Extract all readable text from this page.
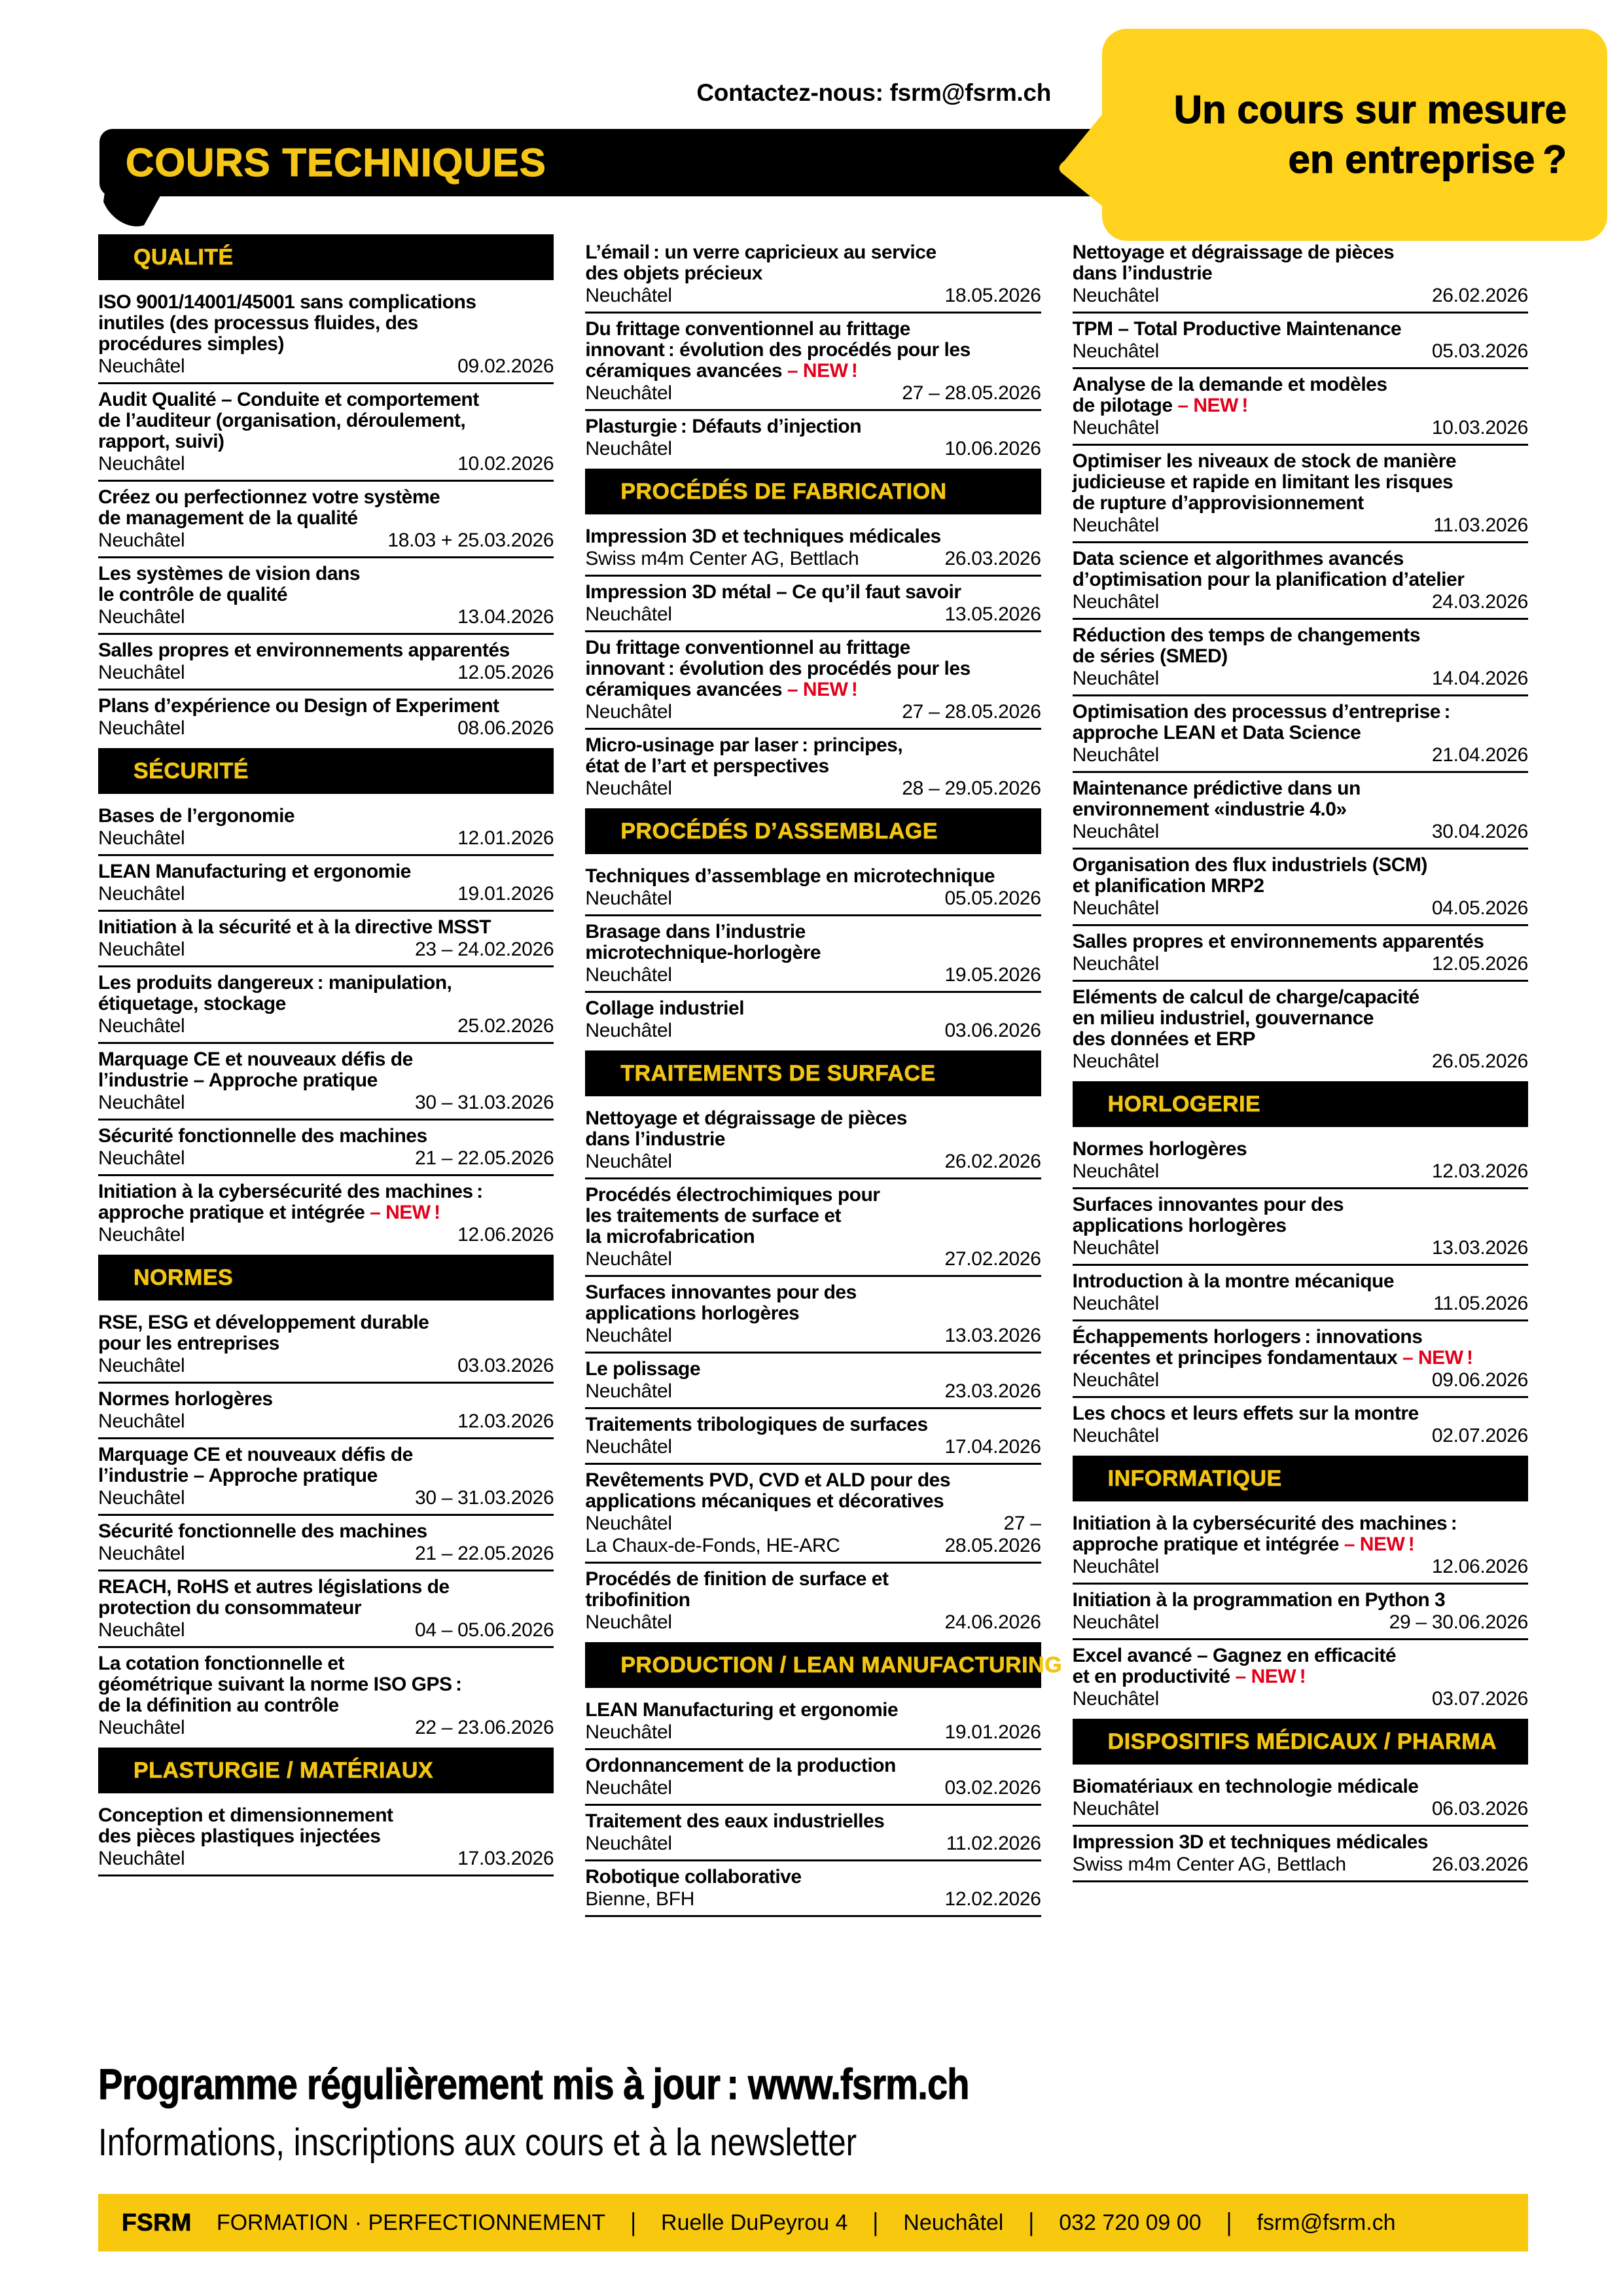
Contactez-nous: fsrm@fsrm.ch
COURS TECHNIQUES
Un cours sur mesure
en entreprise ?
QUALITÉ
ISO 9001/14001/45001 sans complications
inutiles (des processus fluides, des
procédures simples)
Neuchâtel	09.02.2026
Audit Qualité – Conduite et comportement
de l’auditeur (organisation, déroulement,
rapport, suivi)
Neuchâtel	10.02.2026
Créez ou perfectionnez votre système
de management de la qualité
Neuchâtel	18.03 + 25.03.2026
Les systèmes de vision dans
le contrôle de qualité
Neuchâtel	13.04.2026
Salles propres et environnements apparentés
Neuchâtel	12.05.2026
Plans d’expérience ou Design of Experiment
Neuchâtel	08.06.2026
SÉCURITÉ
Bases de l’ergonomie
Neuchâtel	12.01.2026
LEAN Manufacturing et ergonomie
Neuchâtel	19.01.2026
Initiation à la sécurité et à la directive MSST
Neuchâtel	23 – 24.02.2026
Les produits dangereux : manipulation,
étiquetage, stockage
Neuchâtel	25.02.2026
Marquage CE et nouveaux défis de
l’industrie – Approche pratique
Neuchâtel	30 – 31.03.2026
Sécurité fonctionnelle des machines
Neuchâtel	21 – 22.05.2026
Initiation à la cybersécurité des machines :
approche pratique et intégrée – NEW !
Neuchâtel	12.06.2026
NORMES
RSE, ESG et développement durable
pour les entreprises
Neuchâtel	03.03.2026
Normes horlogères
Neuchâtel	12.03.2026
Marquage CE et nouveaux défis de
l’industrie – Approche pratique
Neuchâtel	30 – 31.03.2026
Sécurité fonctionnelle des machines
Neuchâtel	21 – 22.05.2026
REACH, RoHS et autres législations de
protection du consommateur
Neuchâtel	04 – 05.06.2026
La cotation fonctionnelle et
géométrique suivant la norme ISO GPS :
de la définition au contrôle
Neuchâtel	22 – 23.06.2026
PLASTURGIE / MATÉRIAUX
Conception et dimensionnement
des pièces plastiques injectées
Neuchâtel	17.03.2026
L’émail : un verre capricieux au service
des objets précieux
Neuchâtel	18.05.2026
Du frittage conventionnel au frittage
innovant : évolution des procédés pour les
céramiques avancées – NEW !
Neuchâtel	27 – 28.05.2026
Plasturgie : Défauts d’injection
Neuchâtel	10.06.2026
PROCÉDÉS DE FABRICATION
Impression 3D et techniques médicales
Swiss m4m Center AG, Bettlach	26.03.2026
Impression 3D métal – Ce qu’il faut savoir
Neuchâtel	13.05.2026
Du frittage conventionnel au frittage
innovant : évolution des procédés pour les
céramiques avancées – NEW !
Neuchâtel	27 – 28.05.2026
Micro-usinage par laser : principes,
état de l’art et perspectives
Neuchâtel	28 – 29.05.2026
PROCÉDÉS D’ASSEMBLAGE
Techniques d’assemblage en microtechnique
Neuchâtel	05.05.2026
Brasage dans l’industrie
microtechnique-horlogère
Neuchâtel	19.05.2026
Collage industriel
Neuchâtel	03.06.2026
TRAITEMENTS DE SURFACE
Nettoyage et dégraissage de pièces
dans l’industrie
Neuchâtel	26.02.2026
Procédés électrochimiques pour
les traitements de surface et
la microfabrication
Neuchâtel	27.02.2026
Surfaces innovantes pour des
applications horlogères
Neuchâtel	13.03.2026
Le polissage
Neuchâtel	23.03.2026
Traitements tribologiques de surfaces
Neuchâtel	17.04.2026
Revêtements PVD, CVD et ALD pour des
applications mécaniques et décoratives
Neuchâtel	27 –
La Chaux-de-Fonds, HE-ARC	28.05.2026
Procédés de finition de surface et
tribofinition
Neuchâtel	24.06.2026
PRODUCTION / LEAN MANUFACTURING
LEAN Manufacturing et ergonomie
Neuchâtel	19.01.2026
Ordonnancement de la production
Neuchâtel	03.02.2026
Traitement des eaux industrielles
Neuchâtel	11.02.2026
Robotique collaborative
Bienne, BFH	12.02.2026
Nettoyage et dégraissage de pièces
dans l’industrie
Neuchâtel	26.02.2026
TPM – Total Productive Maintenance
Neuchâtel	05.03.2026
Analyse de la demande et modèles
de pilotage – NEW !
Neuchâtel	10.03.2026
Optimiser les niveaux de stock de manière
judicieuse et rapide en limitant les risques
de rupture d’approvisionnement
Neuchâtel	11.03.2026
Data science et algorithmes avancés
d’optimisation pour la planification d’atelier
Neuchâtel	24.03.2026
Réduction des temps de changements
de séries (SMED)
Neuchâtel	14.04.2026
Optimisation des processus d’entreprise :
approche LEAN et Data Science
Neuchâtel	21.04.2026
Maintenance prédictive dans un
environnement «industrie 4.0»
Neuchâtel	30.04.2026
Organisation des flux industriels (SCM)
et planification MRP2
Neuchâtel	04.05.2026
Salles propres et environnements apparentés
Neuchâtel	12.05.2026
Eléments de calcul de charge/capacité
en milieu industriel, gouvernance
des données et ERP
Neuchâtel	26.05.2026
HORLOGERIE
Normes horlogères
Neuchâtel	12.03.2026
Surfaces innovantes pour des
applications horlogères
Neuchâtel	13.03.2026
Introduction à la montre mécanique
Neuchâtel	11.05.2026
Échappements horlogers : innovations
récentes et principes fondamentaux – NEW !
Neuchâtel	09.06.2026
Les chocs et leurs effets sur la montre
Neuchâtel	02.07.2026
INFORMATIQUE
Initiation à la cybersécurité des machines :
approche pratique et intégrée – NEW !
Neuchâtel	12.06.2026
Initiation à la programmation en Python 3
Neuchâtel	29 – 30.06.2026
Excel avancé – Gagnez en efficacité
et en productivité – NEW !
Neuchâtel	03.07.2026
DISPOSITIFS MÉDICAUX / PHARMA
Biomatériaux en technologie médicale
Neuchâtel	06.03.2026
Impression 3D et techniques médicales
Swiss m4m Center AG, Bettlach	26.03.2026
Programme régulièrement mis à jour : www.fsrm.ch
Informations, inscriptions aux cours et à la newsletter
FSRM FORMATION · PERFECTIONNEMENT | Ruelle DuPeyrou 4 | Neuchâtel | 032 720 09 00 | fsrm@fsrm.ch
